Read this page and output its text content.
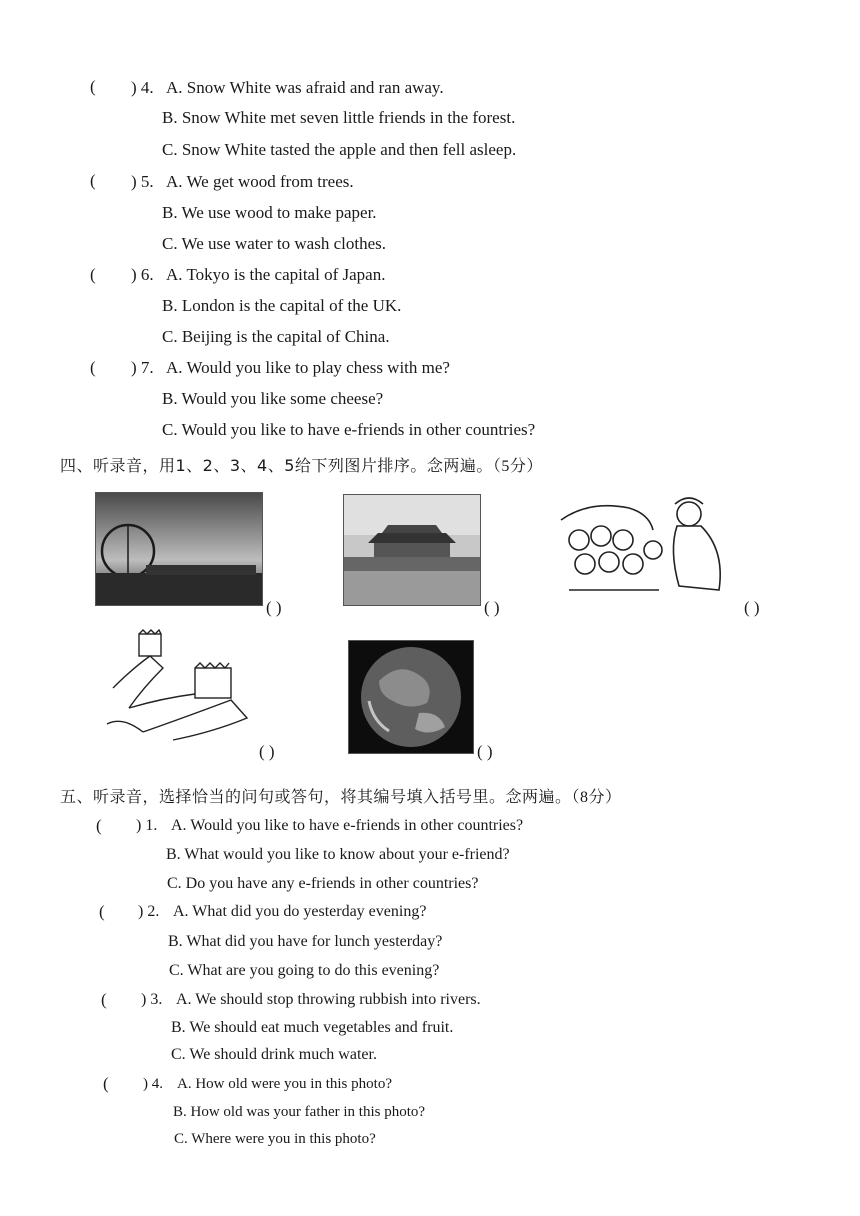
( ) 4. A. Snow White was afraid and ran away.
B. Snow White met seven little friends in the forest.
C. Snow White tasted the apple and then fell asleep.
( ) 5. A. We get wood from trees.
B. We use wood to make paper.
C. We use water to wash clothes.
( ) 6. A. Tokyo is the capital of Japan.
B. London is the capital of the UK.
C. Beijing is the capital of China.
( ) 7. A. Would you like to play chess with me?
B. Would you like some cheese?
C. Would you like to have e-friends in other countries?
四、听录音，用1、2、3、4、5给下列图片排序。念两遍。（5分）
( )	( )	( )
( )	( )
五、听录音，选择恰当的问句或答句，将其编号填入括号里。念两遍。（8分）
( ) 1. A. Would you like to have e-friends in other countries?
B. What would you like to know about your e-friend?
C. Do you have any e-friends in other countries?
( ) 2. A. What did you do yesterday evening?
B. What did you have for lunch yesterday?
C. What are you going to do this evening?
( ) 3. A. We should stop throwing rubbish into rivers.
B. We should eat much vegetables and fruit.
C. We should drink much water.
( ) 4. A. How old were you in this photo?
B. How old was your father in this photo?
C. Where were you in this photo?
